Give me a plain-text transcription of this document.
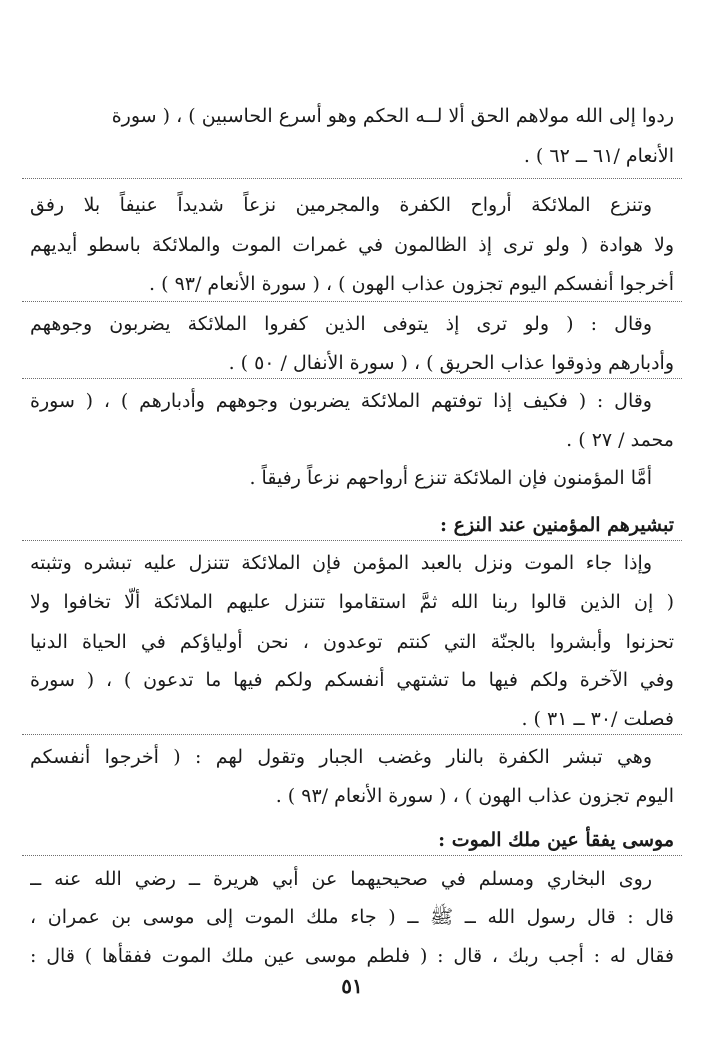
ردوا إلى الله مولاهم الحق ألا لــه الحكم وهو أسرع الحاسبين ) ، ( سورة
الأنعام /٦١ ــ ٦٢ ) .
وتنزع الملائكة أرواح الكفرة والمجرمين نزعاً شديداً عنيفاً بلا رفق
ولا هوادة ( ولو ترى إذ الظالمون في غمرات الموت والملائكة باسطو أيديهم
أخرجوا أنفسكم اليوم تجزون عذاب الهون ) ، ( سورة الأنعام /٩٣ ) .
وقال : ( ولو ترى إذ يتوفى الذين كفروا الملائكة يضربون وجوههم
وأدبارهم وذوقوا عذاب الحريق ) ، ( سورة الأنفال / ٥٠ ) .
وقال : ( فكيف إذا توفتهم الملائكة يضربون وجوههم وأدبارهم ) ، ( سورة
محمد / ٢٧ ) .
أمَّا المؤمنون فإن الملائكة تنزع أرواحهم نزعاً رفيقاً .
تبشيرهم المؤمنين عند النزع :
وإذا جاء الموت ونزل بالعبد المؤمن فإن الملائكة تتنزل عليه تبشره وتثبته
( إن الذين قالوا ربنا الله ثمَّ استقاموا تتنزل عليهم الملائكة ألّا تخافوا ولا
تحزنوا وأبشروا بالجنّة التي كنتم توعدون ، نحن أولياؤكم في الحياة الدنيا
وفي الآخرة ولكم فيها ما تشتهي أنفسكم ولكم فيها ما تدعون ) ، ( سورة
فصلت /٣٠ ــ ٣١ ) .
وهي تبشر الكفرة بالنار وغضب الجبار وتقول لهم : ( أخرجوا أنفسكم
اليوم تجزون عذاب الهون ) ، ( سورة الأنعام /٩٣ ) .
موسى يفقأ عين ملك الموت :
روى البخاري ومسلم في صحيحيهما عن أبي هريرة ــ رضي الله عنه ــ
قال : قال رسول الله ــ ﷺ ــ ( جاء ملك الموت إلى موسى بن عمران ،
فقال له : أجب ربك ، قال : ( فلطم موسى عين ملك الموت ففقأها ) قال :
٥١
